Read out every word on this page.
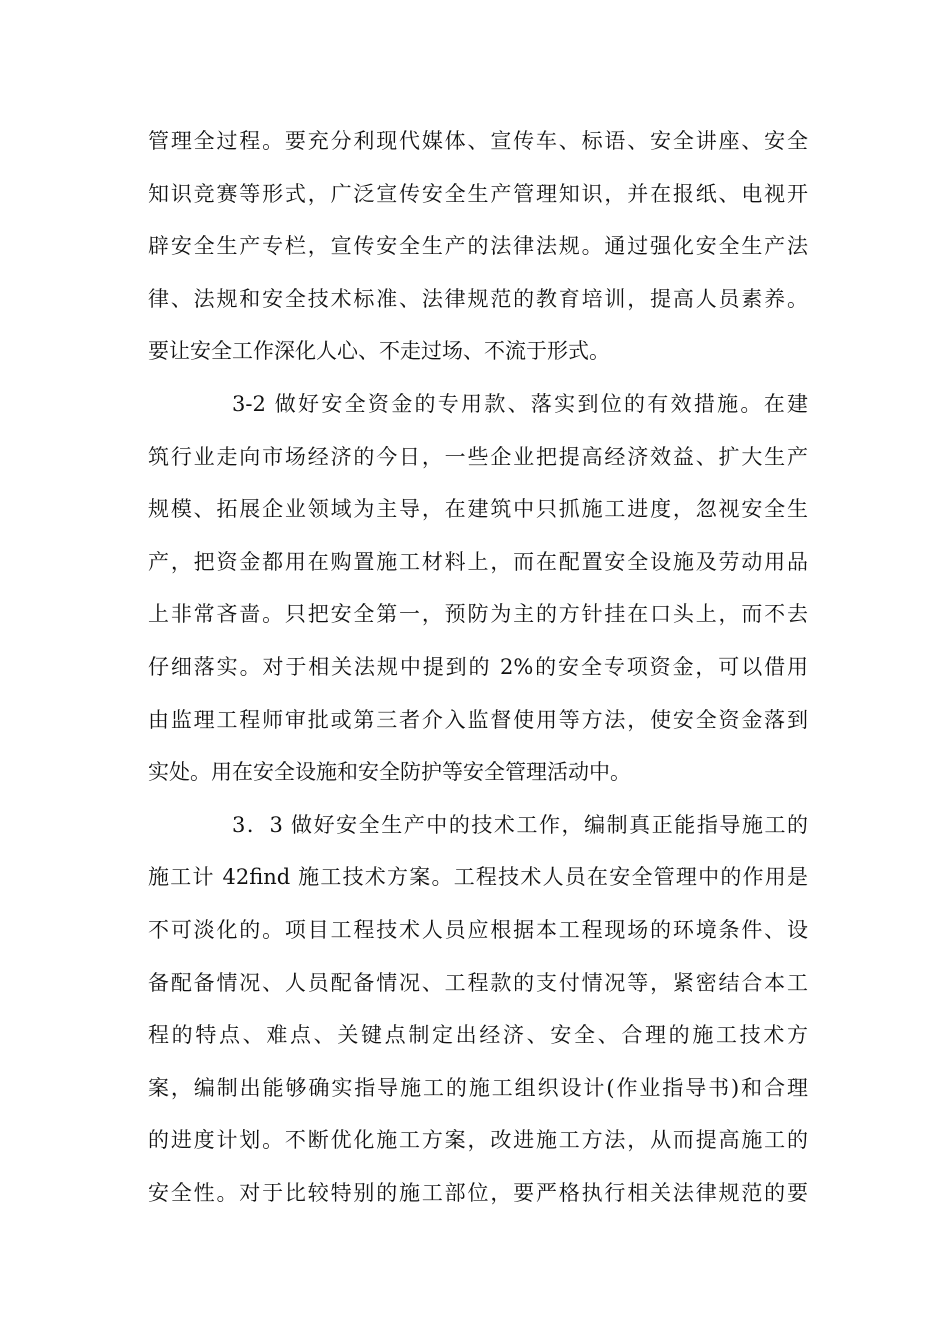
管理全过程。要充分利现代媒体、宣传车、标语、安全讲座、安全
知识竞赛等形式，广泛宣传安全生产管理知识，并在报纸、电视开
辟安全生产专栏，宣传安全生产的法律法规。通过强化安全生产法
律、法规和安全技术标准、法律规范的教育培训，提高人员素养。
要让安全工作深化人心、不走过场、不流于形式。
3-2 做好安全资金的专用款、落实到位的有效措施。在建
筑行业走向市场经济的今日，一些企业把提高经济效益、扩大生产
规模、拓展企业领域为主导，在建筑中只抓施工进度，忽视安全生
产，把资金都用在购置施工材料上，而在配置安全设施及劳动用品
上非常吝啬。只把安全第一，预防为主的方针挂在口头上，而不去
仔细落实。对于相关法规中提到的 2%的安全专项资金，可以借用
由监理工程师审批或第三者介入监督使用等方法，使安全资金落到
实处。用在安全设施和安全防护等安全管理活动中。
3．3 做好安全生产中的技术工作，编制真正能指导施工的
施工计 42find 施工技术方案。工程技术人员在安全管理中的作用是
不可淡化的。项目工程技术人员应根据本工程现场的环境条件、设
备配备情况、人员配备情况、工程款的支付情况等，紧密结合本工
程的特点、难点、关键点制定出经济、安全、合理的施工技术方
案，编制出能够确实指导施工的施工组织设计(作业指导书)和合理
的进度计划。不断优化施工方案，改进施工方法，从而提高施工的
安全性。对于比较特别的施工部位，要严格执行相关法律规范的要
